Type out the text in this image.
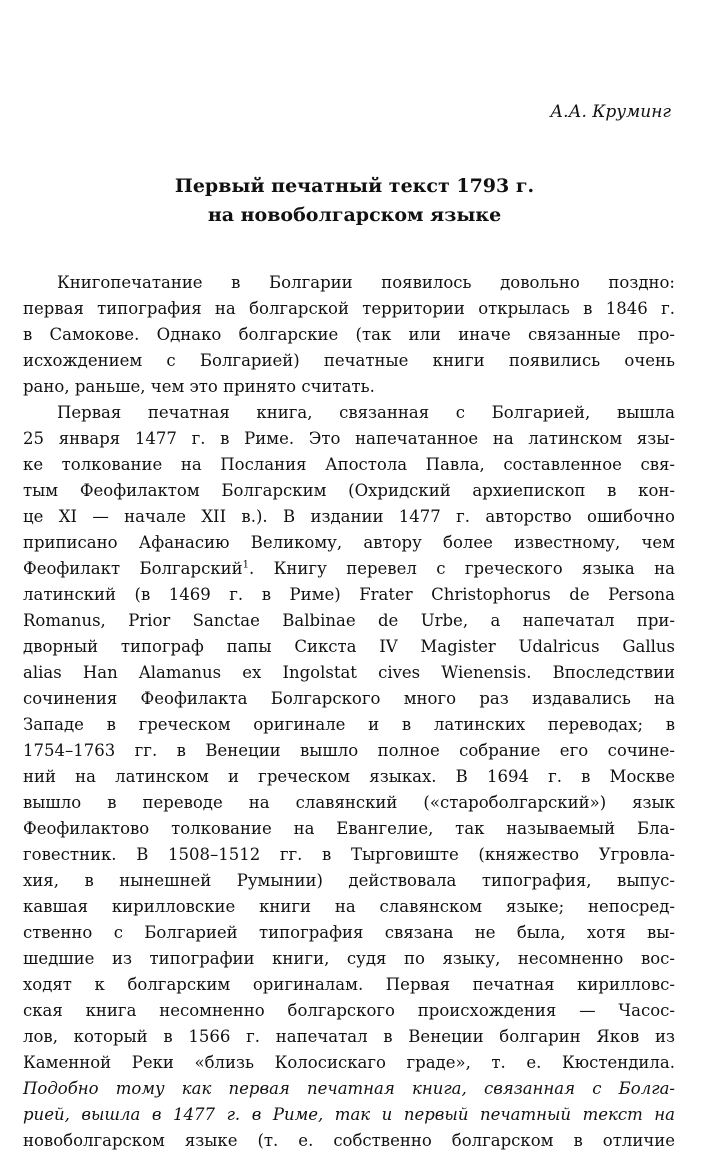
А.А. Круминг
Первый печатный текст 1793 г.
на новоболгарском языке
Книгопечатание в Болгарии появилось довольно поздно:
первая типография на болгарской территории открылась в 1846 г.
в Самокове. Однако болгарские (так или иначе связанные про-
исхождением с Болгарией) печатные книги появились очень
рано, раньше, чем это принято считать.
Первая печатная книга, связанная с Болгарией, вышла
25 января 1477 г. в Риме. Это напечатанное на латинском язы-
ке толкование на Послания Апостола Павла, составленное свя-
тым Феофилактом Болгарским (Охридский архиепископ в кон-
це XI — начале XII в.). В издании 1477 г. авторство ошибочно
приписано Афанасию Великому, автору более известному, чем
Феофилакт Болгарский$^1$. Книгу перевел с греческого языка на
латинский (в 1469 г. в Риме) Frater Christophorus de Persona
Romanus, Prior Sanctae Balbinae de Urbe, а напечатал при-
дворный типограф папы Сикста IV Magister Udalricus Gallus
alias Han Alamanus ex Ingolstat cives Wienensis. Впоследствии
сочинения Феофилакта Болгарского много раз издавались на
Западе в греческом оригинале и в латинских переводах; в
1754–1763 гг. в Венеции вышло полное собрание его сочине-
ний на латинском и греческом языках. В 1694 г. в Москве
вышло в переводе на славянский («староболгарский») язык
Феофилактово толкование на Евангелие, так называемый Бла-
говестник. В 1508–1512 гг. в Тырговиште (княжество Угровла-
хия, в нынешней Румынии) действовала типография, выпус-
кавшая кирилловские книги на славянском языке; непосред-
ственно с Болгарией типография связана не была, хотя вы-
шедшие из типографии книги, судя по языку, несомненно вос-
ходят к болгарским оригиналам. Первая печатная кирилловс-
ская книга несомненно болгарского происхождения — Часос-
лов, который в 1566 г. напечатал в Венеции болгарин Яков из
Каменной Реки «близь Колосискаго граде», т. е. Кюстендила.
Подобно тому как первая печатная книга, связанная с Болга-
рией, вышла в 1477 г. в Риме, так и первый печатный текст на
новоболгарском языке (т. е. собственно болгарском в отличие
